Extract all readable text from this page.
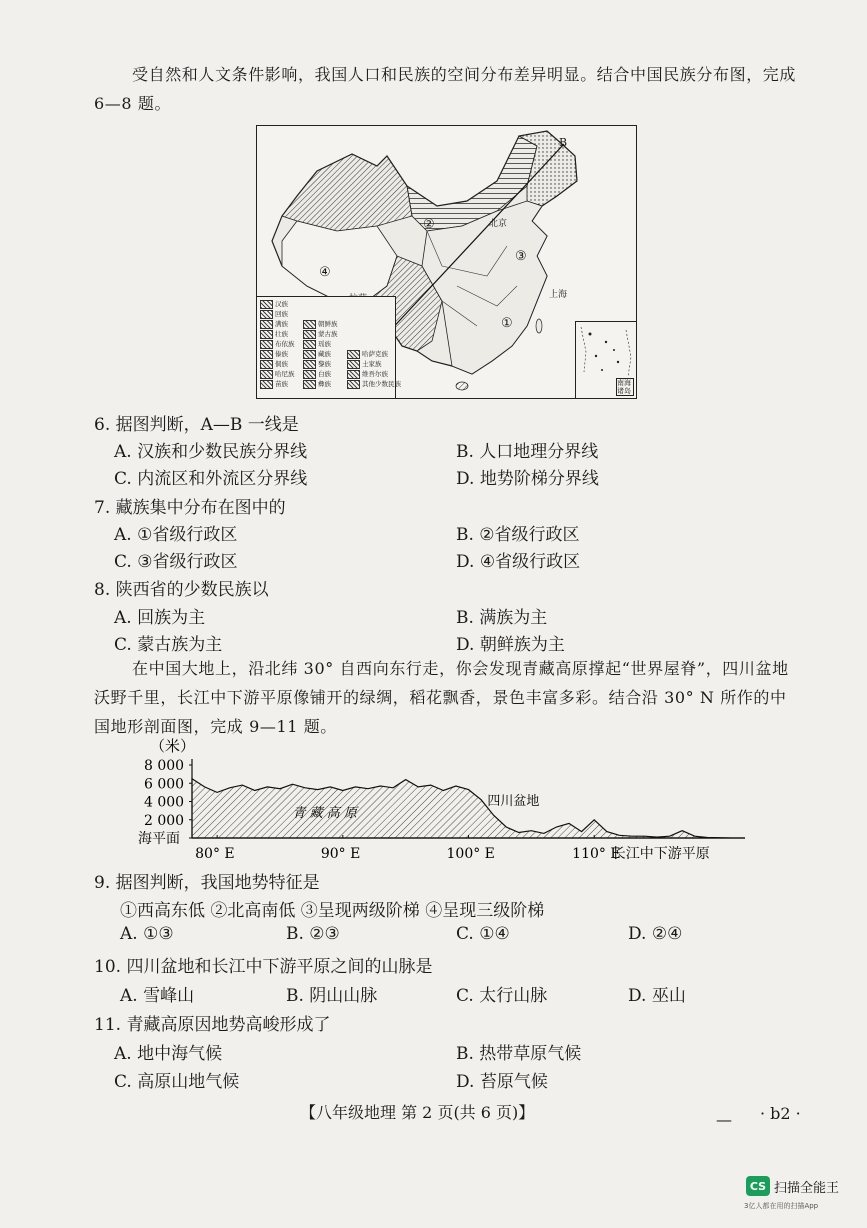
受自然和人文条件影响，我国人口和民族的空间分布差异明显。结合中国民族分布图，完成 6—8 题。
B
①
②
③
④
上海
北京
汉族
回族
满族
壮族
布依族
傣族
侗族
哈尼族
苗族
朝鲜族
蒙古族
瑶族
藏族
黎族
白族
彝族
哈萨克族
土家族
维吾尔族
其他少数民族	南海诸岛
6. 据图判断，A—B 一线是
A. 汉族和少数民族分界线	B. 人口地理分界线
C. 内流区和外流区分界线	D. 地势阶梯分界线
7. 藏族集中分布在图中的
A. ①省级行政区	B. ②省级行政区
C. ③省级行政区	D. ④省级行政区
8. 陕西省的少数民族以
A. 回族为主	B. 满族为主
C. 蒙古族为主	D. 朝鲜族为主
在中国大地上，沿北纬 30° 自西向东行走，你会发现青藏高原撑起“世界屋脊”，四川盆地沃野千里，长江中下游平原像铺开的绿绸，稻花飘香，景色丰富多彩。结合沿 30° N 所作的中国地形剖面图，完成 9—11 题。
（米）
8 000
6 000
4 000
2 000
海平面
80° E	90° E	100° E	110° E
青 藏 高 原
四川盆地
长江中下游平原
9. 据图判断，我国地势特征是
①西高东低 ②北高南低 ③呈现两级阶梯 ④呈现三级阶梯
A. ①③	B. ②③	C. ①④	D. ②④
10. 四川盆地和长江中下游平原之间的山脉是
A. 雪峰山	B. 阴山山脉	C. 太行山脉	D. 巫山
11. 青藏高原因地势高峻形成了
A. 地中海气候	B. 热带草原气候
C. 高原山地气候	D. 苔原气候
【八年级地理 第 2 页(共 6 页)】	— · b2 ·
CS 扫描全能王
3亿人都在用的扫描App
